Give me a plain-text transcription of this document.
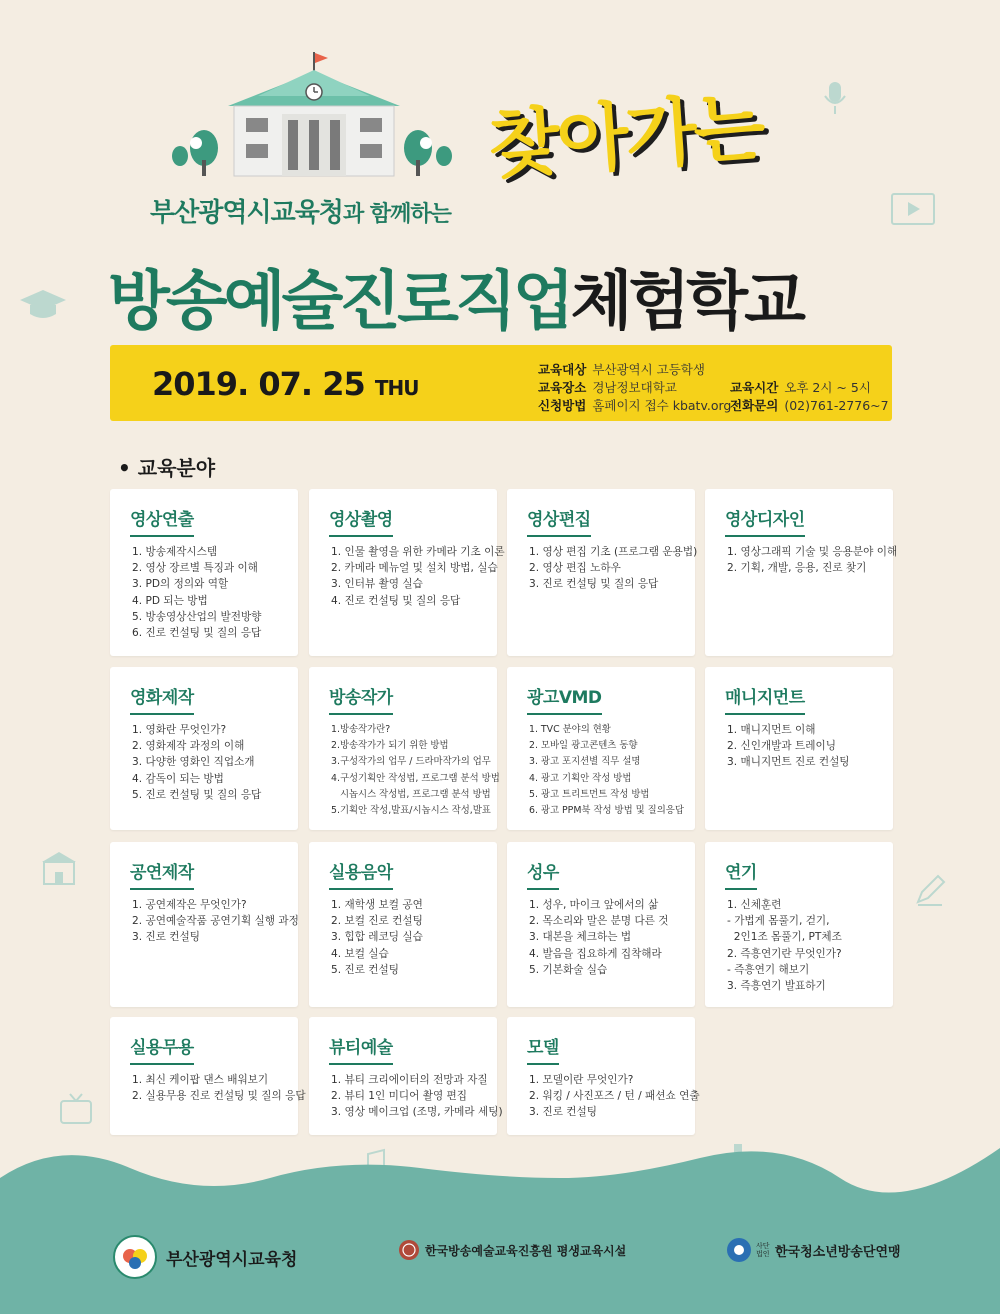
부산광역시교육청과 함께하는
찾아가는
방송예술진로직업체험학교
2019. 07. 25 THU
교육대상 부산광역시 고등학생
교육장소 경남정보대학교
신청방법 홈페이지 접수 kbatv.org
교육시간 오후 2시 ~ 5시
전화문의 (02)761-2776~7
• 교육분야
영상연출
1. 방송제작시스템
2. 영상 장르별 특징과 이해
3. PD의 정의와 역할
4. PD 되는 방법
5. 방송영상산업의 발전방향
6. 진로 컨설팅 및 질의 응답
영상촬영
1. 인물 촬영을 위한 카메라 기초 이론
2. 카메라 메뉴얼 및 설치 방법, 실습
3. 인터뷰 촬영 실습
4. 진로 컨설팅 및 질의 응답
영상편집
1. 영상 편집 기초 (프로그램 운용법)
2. 영상 편집 노하우
3. 진로 컨설팅 및 질의 응답
영상디자인
1. 영상그래픽 기술 및 응용분야 이해
2. 기획, 개발, 응용, 진로 찾기
영화제작
1. 영화란 무엇인가?
2. 영화제작 과정의 이해
3. 다양한 영화인 직업소개
4. 감독이 되는 방법
5. 진로 컨설팅 및 질의 응답
방송작가
1.방송작가란?
2.방송작가가 되기 위한 방법
3.구성작가의 업무 / 드라마작가의 업무
4.구성기획안 작성법, 프로그램 분석 방법
시놉시스 작성법, 프로그램 분석 방법
5.기획안 작성,발표/시놉시스 작성,발표
광고VMD
1. TVC 분야의 현황
2. 모바일 광고콘텐츠 동향
3. 광고 포지션별 직무 설명
4. 광고 기획안 작성 방법
5. 광고 트리트먼트 작성 방법
6. 광고 PPM북 작성 방법 및 질의응답
매니지먼트
1. 매니지먼트 이해
2. 신인개발과 트레이닝
3. 매니지먼트 진로 컨설팅
공연제작
1. 공연제작은 무엇인가?
2. 공연예술작품 공연기획 실행 과정
3. 진로 컨설팅
실용음악
1. 재학생 보컬 공연
2. 보컬 진로 컨설팅
3. 힙합 레코딩 실습
4. 보컬 실습
5. 진로 컨설팅
성우
1. 성우, 마이크 앞에서의 삶
2. 목소리와 말은 분명 다른 것
3. 대본을 체크하는 법
4. 발음을 집요하게 집착해라
5. 기본화술 실습
연기
1. 신체훈련
- 가법게 몸풀기, 걷기,
2인1조 몸풀기, PT체조
2. 즉흥연기란 무엇인가?
- 즉흥연기 해보기
3. 즉흥연기 발표하기
실용무용
1. 최신 케이팝 댄스 배워보기
2. 실용무용 진로 컨설팅 및 질의 응답
뷰티예술
1. 뷰티 크리에이터의 전망과 자질
2. 뷰티 1인 미디어 촬영 편집
3. 영상 메이크업 (조명, 카메라 세팅)
모델
1. 모델이란 무엇인가?
2. 워킹 / 사진포즈 / 턴 / 패션쇼 연출
3. 진로 컨설팅
부산광역시교육청	한국방송예술교육진흥원 평생교육시설	사단법인 한국청소년방송단연맹
